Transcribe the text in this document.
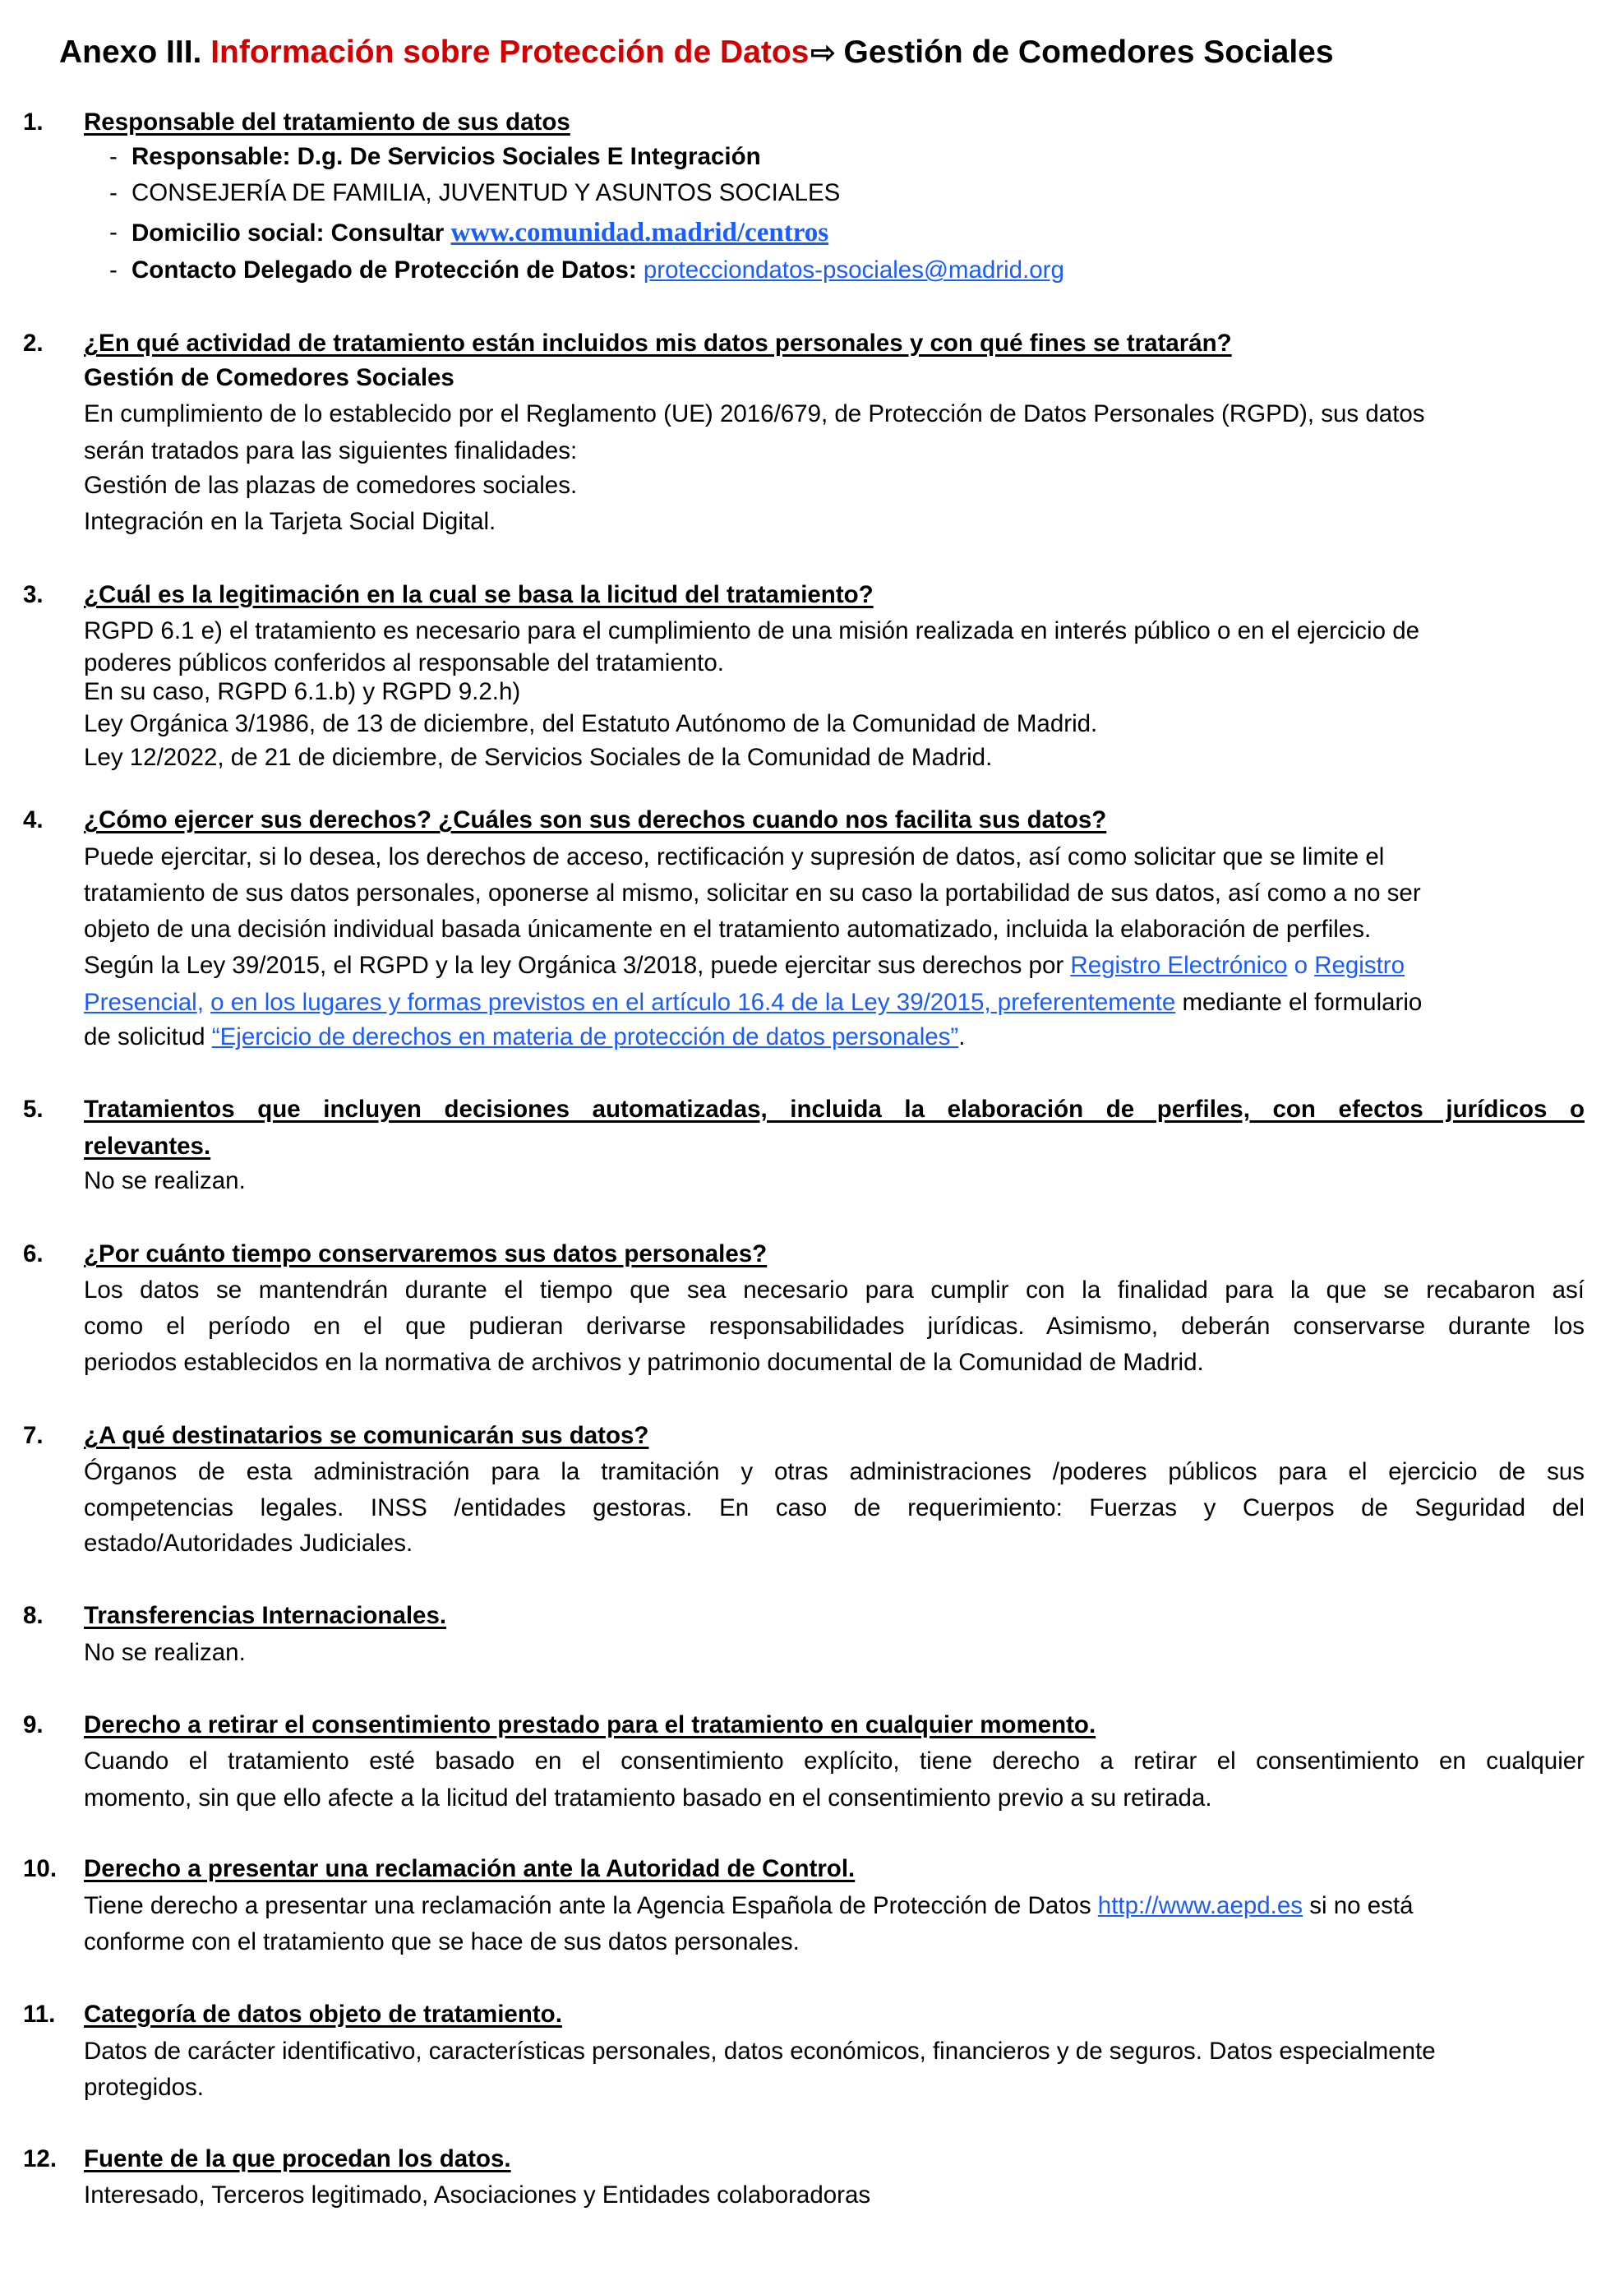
Anexo III. Información sobre Protección de Datos⇨ Gestión de Comedores Sociales
1. Responsable del tratamiento de sus datos
- Responsable: D.g. De Servicios Sociales E Integración
- CONSEJERÍA DE FAMILIA, JUVENTUD Y ASUNTOS SOCIALES
- Domicilio social: Consultar www.comunidad.madrid/centros
- Contacto Delegado de Protección de Datos: protecciondatos-psociales@madrid.org
2. ¿En qué actividad de tratamiento están incluidos mis datos personales y con qué fines se tratarán?
Gestión de Comedores Sociales
En cumplimiento de lo establecido por el Reglamento (UE) 2016/679, de Protección de Datos Personales (RGPD), sus datos
serán tratados para las siguientes finalidades:
Gestión de las plazas de comedores sociales.
Integración en la Tarjeta Social Digital.
3. ¿Cuál es la legitimación en la cual se basa la licitud del tratamiento?
RGPD 6.1 e) el tratamiento es necesario para el cumplimiento de una misión realizada en interés público o en el ejercicio de
poderes públicos conferidos al responsable del tratamiento.
En su caso, RGPD 6.1.b) y RGPD 9.2.h)
Ley Orgánica 3/1986, de 13 de diciembre, del Estatuto Autónomo de la Comunidad de Madrid.
Ley 12/2022, de 21 de diciembre, de Servicios Sociales de la Comunidad de Madrid.
4. ¿Cómo ejercer sus derechos? ¿Cuáles son sus derechos cuando nos facilita sus datos?
Puede ejercitar, si lo desea, los derechos de acceso, rectificación y supresión de datos, así como solicitar que se limite el
tratamiento de sus datos personales, oponerse al mismo, solicitar en su caso la portabilidad de sus datos, así como a no ser
objeto de una decisión individual basada únicamente en el tratamiento automatizado, incluida la elaboración de perfiles.
Según la Ley 39/2015, el RGPD y la ley Orgánica 3/2018, puede ejercitar sus derechos por Registro Electrónico o Registro
Presencial, o en los lugares y formas previstos en el artículo 16.4 de la Ley 39/2015, preferentemente mediante el formulario
de solicitud “Ejercicio de derechos en materia de protección de datos personales”.
5. Tratamientos que incluyen decisiones automatizadas, incluida la elaboración de perfiles, con efectos jurídicos o
relevantes.
No se realizan.
6. ¿Por cuánto tiempo conservaremos sus datos personales?
Los datos se mantendrán durante el tiempo que sea necesario para cumplir con la finalidad para la que se recabaron así
como el período en el que pudieran derivarse responsabilidades jurídicas. Asimismo, deberán conservarse durante los
periodos establecidos en la normativa de archivos y patrimonio documental de la Comunidad de Madrid.
7. ¿A qué destinatarios se comunicarán sus datos?
Órganos de esta administración para la tramitación y otras administraciones /poderes públicos para el ejercicio de sus
competencias legales. INSS /entidades gestoras. En caso de requerimiento: Fuerzas y Cuerpos de Seguridad del
estado/Autoridades Judiciales.
8. Transferencias Internacionales.
No se realizan.
9. Derecho a retirar el consentimiento prestado para el tratamiento en cualquier momento.
Cuando el tratamiento esté basado en el consentimiento explícito, tiene derecho a retirar el consentimiento en cualquier
momento, sin que ello afecte a la licitud del tratamiento basado en el consentimiento previo a su retirada.
10. Derecho a presentar una reclamación ante la Autoridad de Control.
Tiene derecho a presentar una reclamación ante la Agencia Española de Protección de Datos http://www.aepd.es si no está
conforme con el tratamiento que se hace de sus datos personales.
11. Categoría de datos objeto de tratamiento.
Datos de carácter identificativo, características personales, datos económicos, financieros y de seguros. Datos especialmente
protegidos.
12. Fuente de la que procedan los datos.
Interesado, Terceros legitimado, Asociaciones y Entidades colaboradoras
